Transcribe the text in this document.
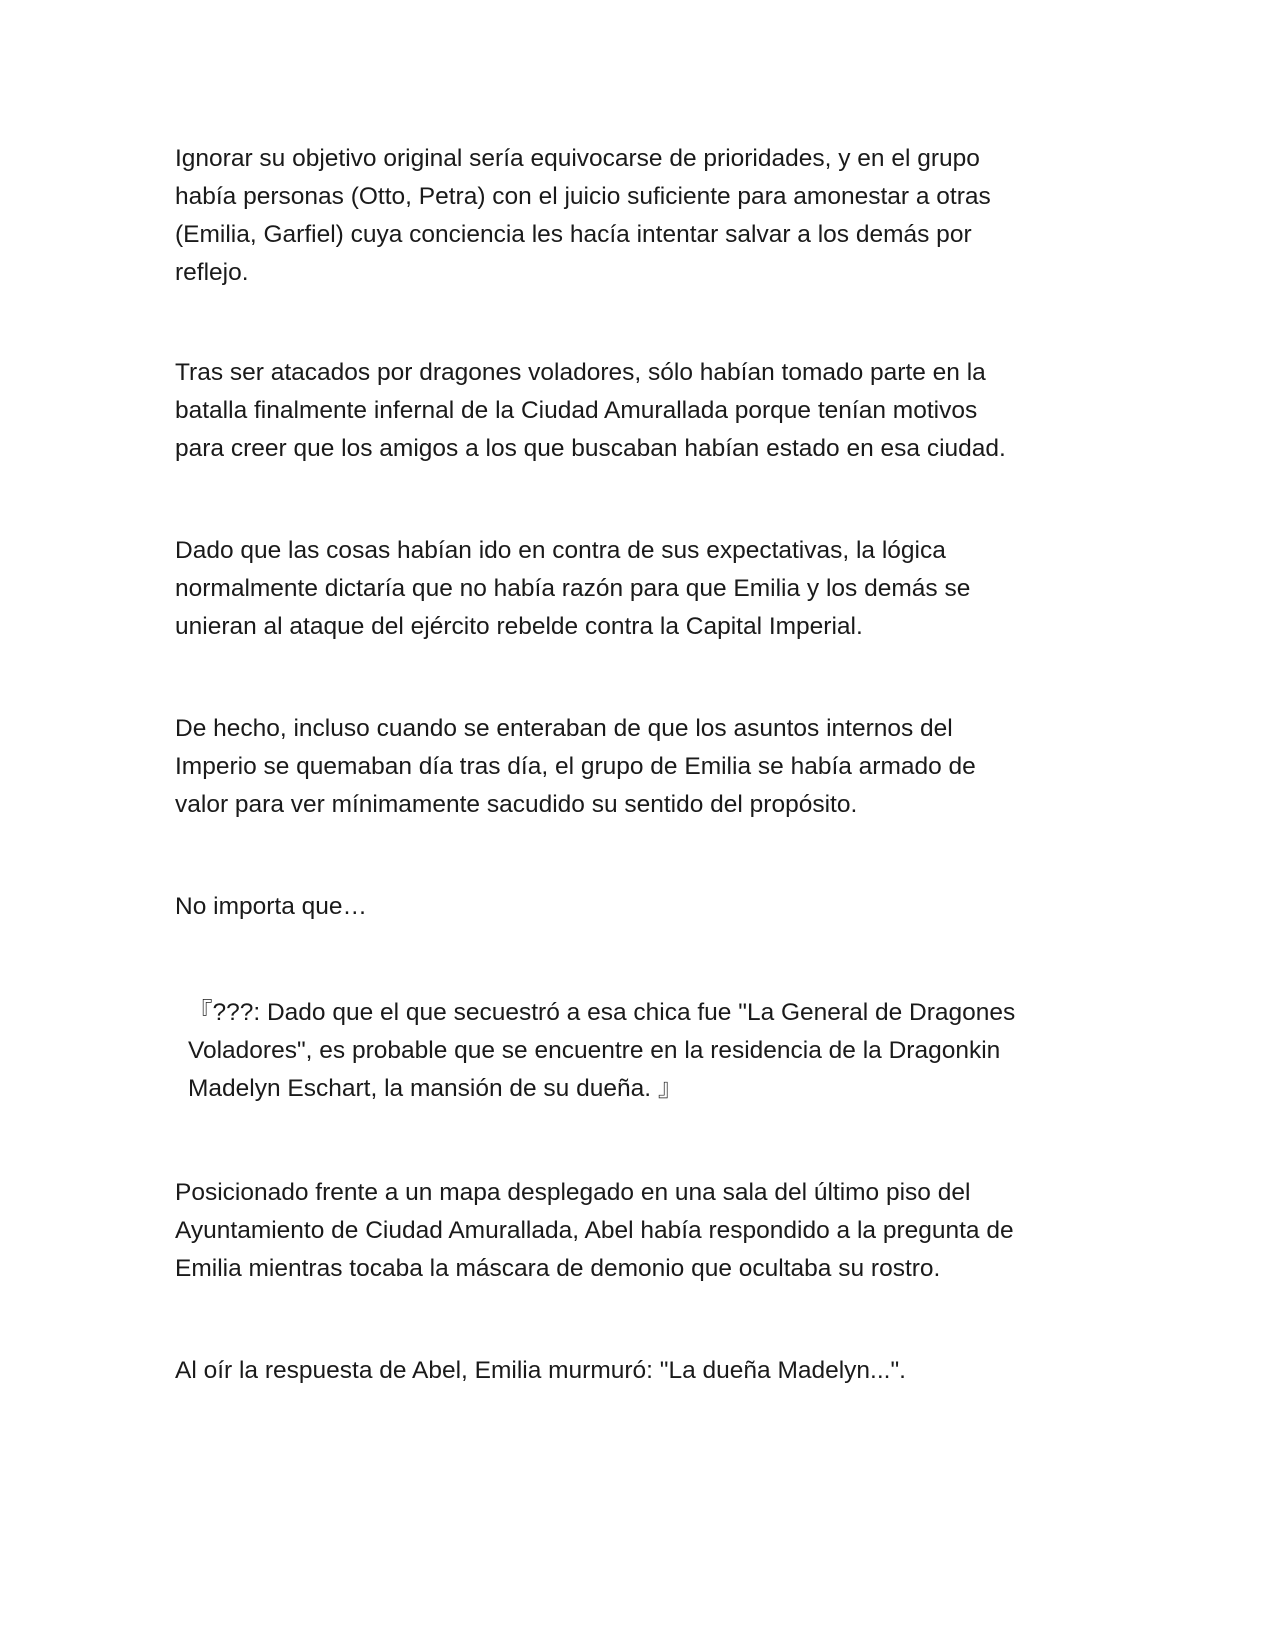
Ignorar su objetivo original sería equivocarse de prioridades, y en el grupo
había personas (Otto, Petra) con el juicio suficiente para amonestar a otras
(Emilia, Garfiel) cuya conciencia les hacía intentar salvar a los demás por
reflejo.

Tras ser atacados por dragones voladores, sólo habían tomado parte en la
batalla finalmente infernal de la Ciudad Amurallada porque tenían motivos
para creer que los amigos a los que buscaban habían estado en esa ciudad.

Dado que las cosas habían ido en contra de sus expectativas, la lógica
normalmente dictaría que no había razón para que Emilia y los demás se
unieran al ataque del ejército rebelde contra la Capital Imperial.

De hecho, incluso cuando se enteraban de que los asuntos internos del
Imperio se quemaban día tras día, el grupo de Emilia se había armado de
valor para ver mínimamente sacudido su sentido del propósito.

No importa que…

『???: Dado que el que secuestró a esa chica fue "La General de Dragones
Voladores", es probable que se encuentre en la residencia de la Dragonkin
Madelyn Eschart, la mansión de su dueña. 』

Posicionado frente a un mapa desplegado en una sala del último piso del
Ayuntamiento de Ciudad Amurallada, Abel había respondido a la pregunta de
Emilia mientras tocaba la máscara de demonio que ocultaba su rostro.

Al oír la respuesta de Abel, Emilia murmuró: "La dueña Madelyn...".
